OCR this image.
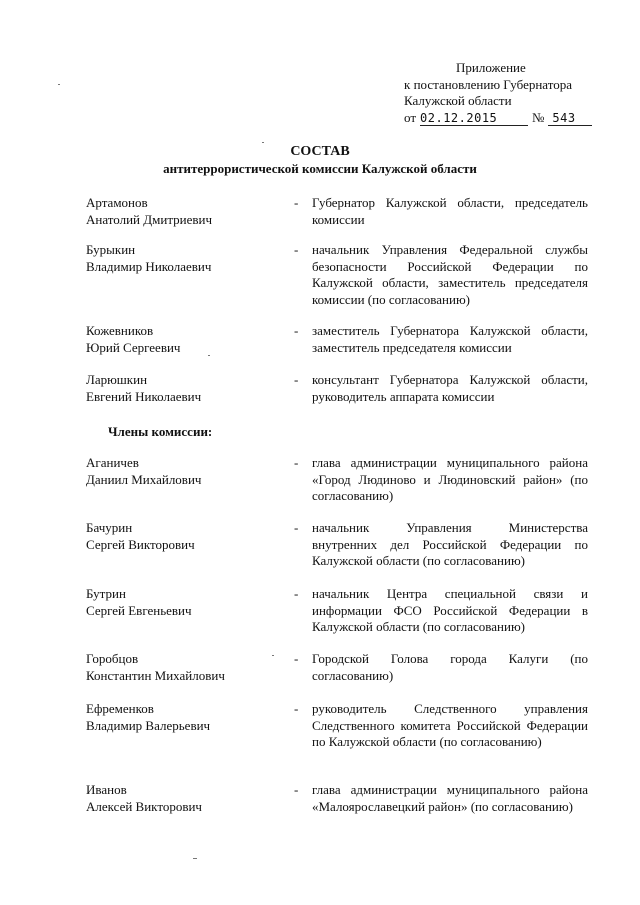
Приложение
к постановлению Губернатора
Калужской области
от 02.12.2015	№ 543
СОСТАВ
антитеррористической комиссии Калужской области
Артамонов
Анатолий Дмитриевич
- Губернатор Калужской области, председатель комиссии
Бурыкин
Владимир Николаевич
- начальник Управления Федеральной службы безопасности Российской Федерации по Калужской области, заместитель председателя комиссии (по согласованию)
Кожевников
Юрий Сергеевич
- заместитель Губернатора Калужской области, заместитель председателя комиссии
Ларюшкин
Евгений Николаевич
- консультант Губернатора Калужской области, руководитель аппарата комиссии
Члены комиссии:
Аганичев
Даниил Михайлович
- глава администрации муниципального района «Город Людиново и Людиновский район» (по согласованию)
Бачурин
Сергей Викторович
- начальник Управления Министерства внутренних дел Российской Федерации по Калужской области (по согласованию)
Бутрин
Сергей Евгеньевич
- начальник Центра специальной связи и информации ФСО Российской Федерации в Калужской области (по согласованию)
Горобцов
Константин Михайлович
- Городской Голова города Калуги (по согласованию)
Ефременков
Владимир Валерьевич
- руководитель Следственного управления Следственного комитета Российской Федерации по Калужской области (по согласованию)
Иванов
Алексей Викторович
- глава администрации муниципального района «Малоярославецкий район» (по согласованию)
